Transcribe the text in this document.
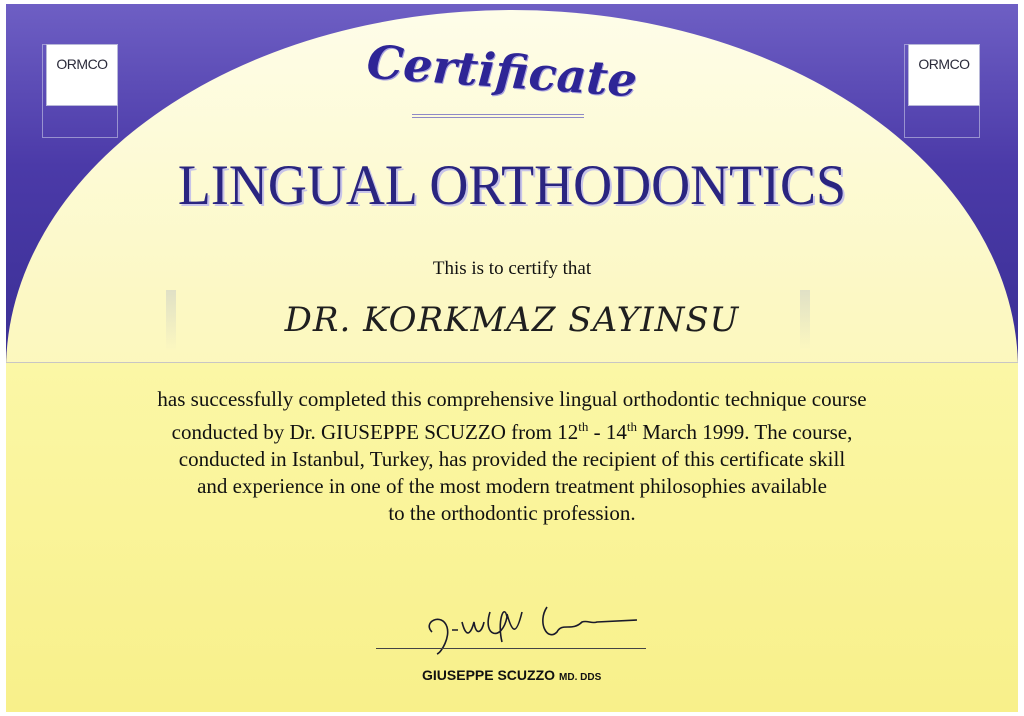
ORMCO	ORMCO
Certificate
LINGUAL ORTHODONTICS
This is to certify that
DR. KORKMAZ SAYINSU
has successfully completed this comprehensive lingual orthodontic technique course
conducted by Dr. GIUSEPPE SCUZZO from 12th - 14th March 1999. The course,
conducted in Istanbul, Turkey, has provided the recipient of this certificate skill
and experience in one of the most modern treatment philosophies available
to the orthodontic profession.
GIUSEPPE SCUZZO MD. DDS
